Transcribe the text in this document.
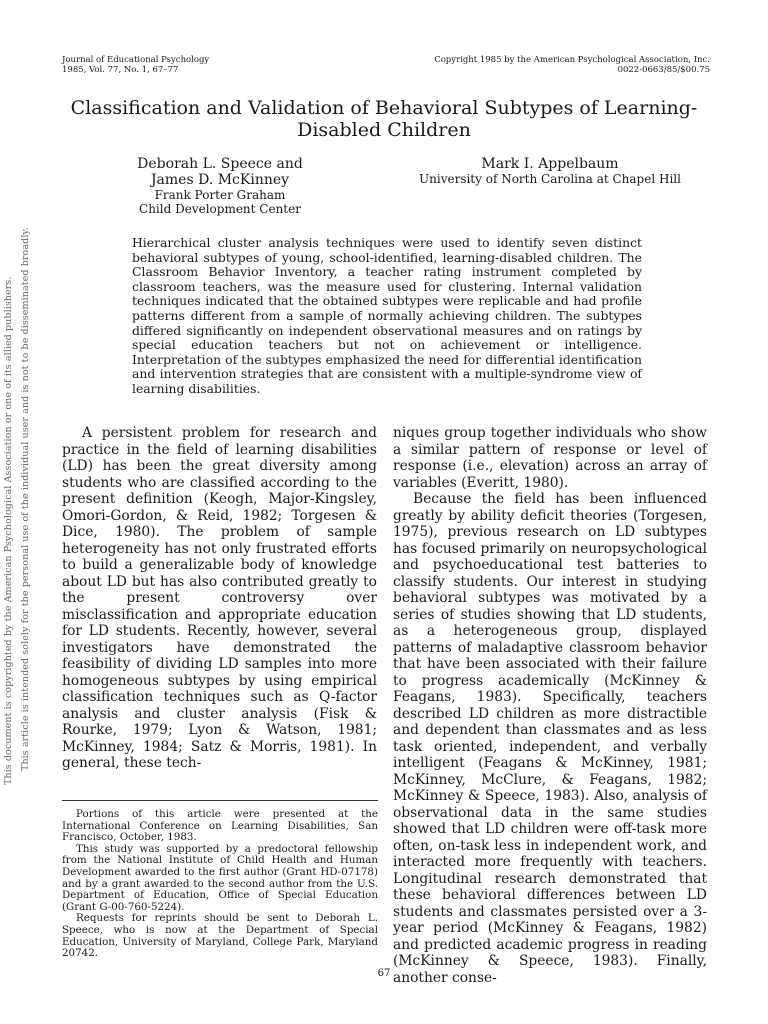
Journal of Educational Psychology
1985, Vol. 77, No. 1, 67–77
Copyright 1985 by the American Psychological Association, Inc.
0022-0663/85/$00.75
Classification and Validation of Behavioral Subtypes of Learning-Disabled Children
Deborah L. Speece and
James D. McKinney
Frank Porter Graham
Child Development Center
Mark I. Appelbaum
University of North Carolina at Chapel Hill

Hierarchical cluster analysis techniques were used to identify seven distinct behavioral subtypes of young, school-identified, learning-disabled children. The Classroom Behavior Inventory, a teacher rating instrument completed by classroom teachers, was the measure used for clustering. Internal validation techniques indicated that the obtained subtypes were replicable and had profile patterns different from a sample of normally achieving children. The subtypes differed significantly on independent observational measures and on ratings by special education teachers but not on achievement or intelligence. Interpretation of the subtypes emphasized the need for differential identification and intervention strategies that are consistent with a multiple-syndrome view of learning disabilities.

A persistent problem for research and practice in the field of learning disabilities (LD) has been the great diversity among students who are classified according to the present definition (Keogh, Major-Kingsley, Omori-Gordon, & Reid, 1982; Torgesen & Dice, 1980). The problem of sample heterogeneity has not only frustrated efforts to build a generalizable body of knowledge about LD but has also contributed greatly to the present controversy over misclassification and appropriate education for LD students. Recently, however, several investigators have demonstrated the feasibility of dividing LD samples into more homogeneous subtypes by using empirical classification techniques such as Q-factor analysis and cluster analysis (Fisk & Rourke, 1979; Lyon & Watson, 1981; McKinney, 1984; Satz & Morris, 1981). In general, these tech-

niques group together individuals who show a similar pattern of response or level of response (i.e., elevation) across an array of variables (Everitt, 1980).

Because the field has been influenced greatly by ability deficit theories (Torgesen, 1975), previous research on LD subtypes has focused primarily on neuropsychological and psychoeducational test batteries to classify students. Our interest in studying behavioral subtypes was motivated by a series of studies showing that LD students, as a heterogeneous group, displayed patterns of maladaptive classroom behavior that have been associated with their failure to progress academically (McKinney & Feagans, 1983). Specifically, teachers described LD children as more distractible and dependent than classmates and as less task oriented, independent, and verbally intelligent (Feagans & McKinney, 1981; McKinney, McClure, & Feagans, 1982; McKinney & Speece, 1983). Also, analysis of observational data in the same studies showed that LD children were off-task more often, on-task less in independent work, and interacted more frequently with teachers. Longitudinal research demonstrated that these behavioral differences between LD students and classmates persisted over a 3-year period (McKinney & Feagans, 1982) and predicted academic progress in reading (McKinney & Speece, 1983). Finally, another conse-

Portions of this article were presented at the International Conference on Learning Disabilities, San Francisco, October, 1983.

This study was supported by a predoctoral fellowship from the National Institute of Child Health and Human Development awarded to the first author (Grant HD-07178) and by a grant awarded to the second author from the U.S. Department of Education, Office of Special Education (Grant G-00-760-5224).

Requests for reprints should be sent to Deborah L. Speece, who is now at the Department of Special Education, University of Maryland, College Park, Maryland 20742.

67
This document is copyrighted by the American Psychological Association or one of its allied publishers. This article is intended solely for the personal use of the individual user and is not to be disseminated broadly.
